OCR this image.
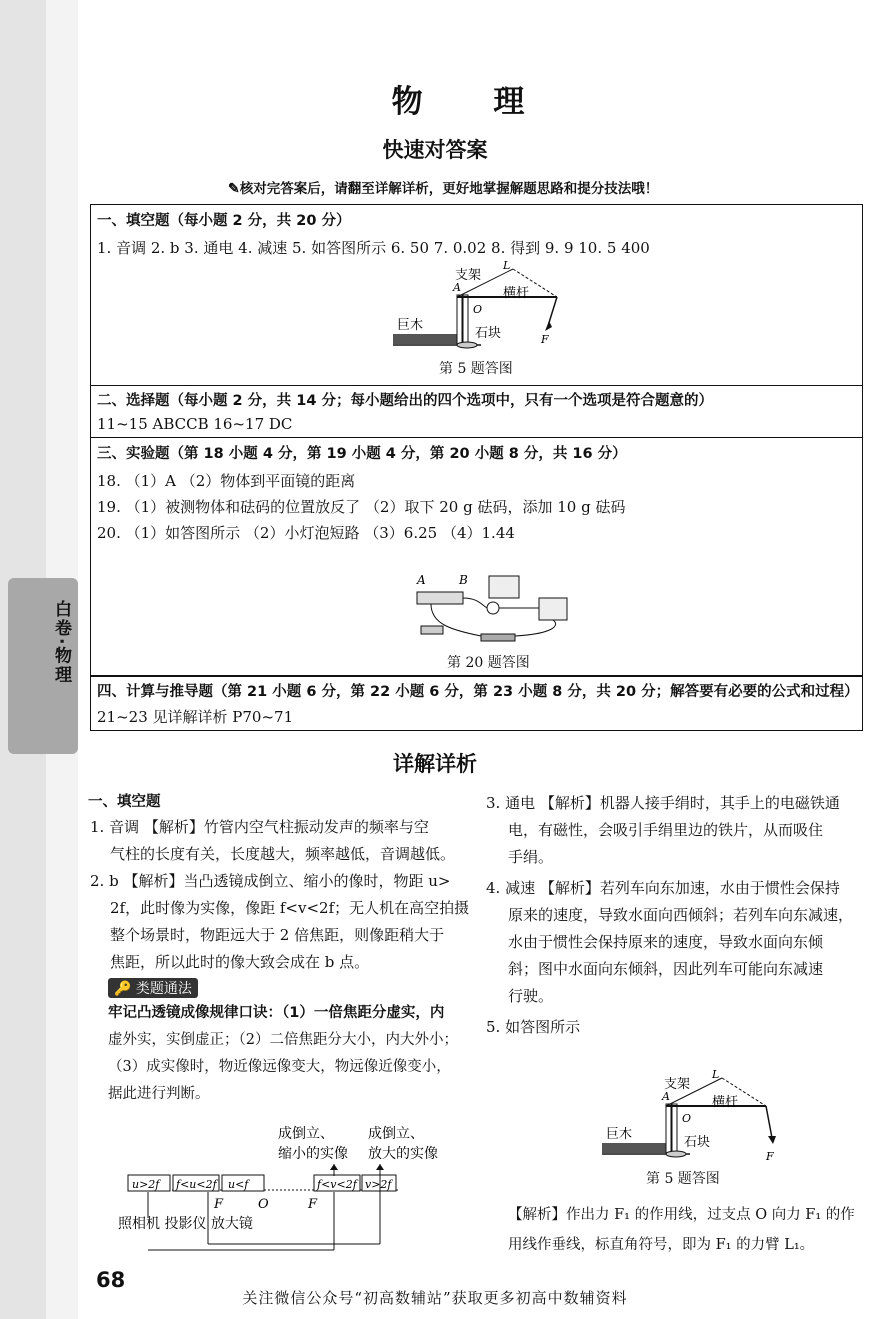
白卷·物理
物 理
快速对答案
✎核对完答案后，请翻至详解详析，更好地掌握解题思路和提分技法哦！
一、填空题（每小题 2 分，共 20 分）
1. 音调 2. b 3. 通电 4. 减速 5. 如答图所示 6. 50 7. 0.02 8. 得到 9. 9 10. 5 400
A
O
支架
L
横杆
巨木
石块	F
第 5 题答图
二、选择题（每小题 2 分，共 14 分；每小题给出的四个选项中，只有一个选项是符合题意的）
11~15 ABCCB 16~17 DC
三、实验题（第 18 小题 4 分，第 19 小题 4 分，第 20 小题 8 分，共 16 分）
18. （1）A （2）物体到平面镜的距离
19. （1）被测物体和砝码的位置放反了 （2）取下 20 g 砝码，添加 10 g 砝码
20. （1）如答图所示 （2）小灯泡短路 （3）6.25 （4）1.44
A	B
第 20 题答图
四、计算与推导题（第 21 小题 6 分，第 22 小题 6 分，第 23 小题 8 分，共 20 分；解答要有必要的公式和过程）
21~23 见详解详析 P70~71
详解详析
一、填空题
1. 音调 【解析】竹管内空气柱振动发声的频率与空
气柱的长度有关，长度越大，频率越低，音调越低。
2. b 【解析】当凸透镜成倒立、缩小的像时，物距 u>
2f，此时像为实像，像距 f<v<2f；无人机在高空拍摄
整个场景时，物距远大于 2 倍焦距，则像距稍大于
焦距，所以此时的像大致会成在 b 点。
🔑 类题通法
牢记凸透镜成像规律口诀：（1）一倍焦距分虚实，内
虚外实，实倒虚正；（2）二倍焦距分大小，内大外小；
（3）成实像时，物近像远像变大，物远像近像变小，
据此进行判断。
成倒立、
缩小的实像
成倒立、
放大的实像
u>2f f<u<2f u<f	f<v<2f v>2f
F	O	F
照相机 投影仪 放大镜
3. 通电 【解析】机器人接手绢时，其手上的电磁铁通
电，有磁性，会吸引手绢里边的铁片，从而吸住
手绢。
4. 减速 【解析】若列车向东加速，水由于惯性会保持
原来的速度，导致水面向西倾斜；若列车向东减速，
水由于惯性会保持原来的速度，导致水面向东倾
斜；图中水面向东倾斜，因此列车可能向东减速
行驶。
5. 如答图所示
A
O
支架
L
横杆
巨木
石块
F
第 5 题答图
【解析】作出力 F₁ 的作用线，过支点 O 向力 F₁ 的作
用线作垂线，标直角符号，即为 F₁ 的力臂 L₁。
68
关注微信公众号“初高数辅站”获取更多初高中数辅资料
